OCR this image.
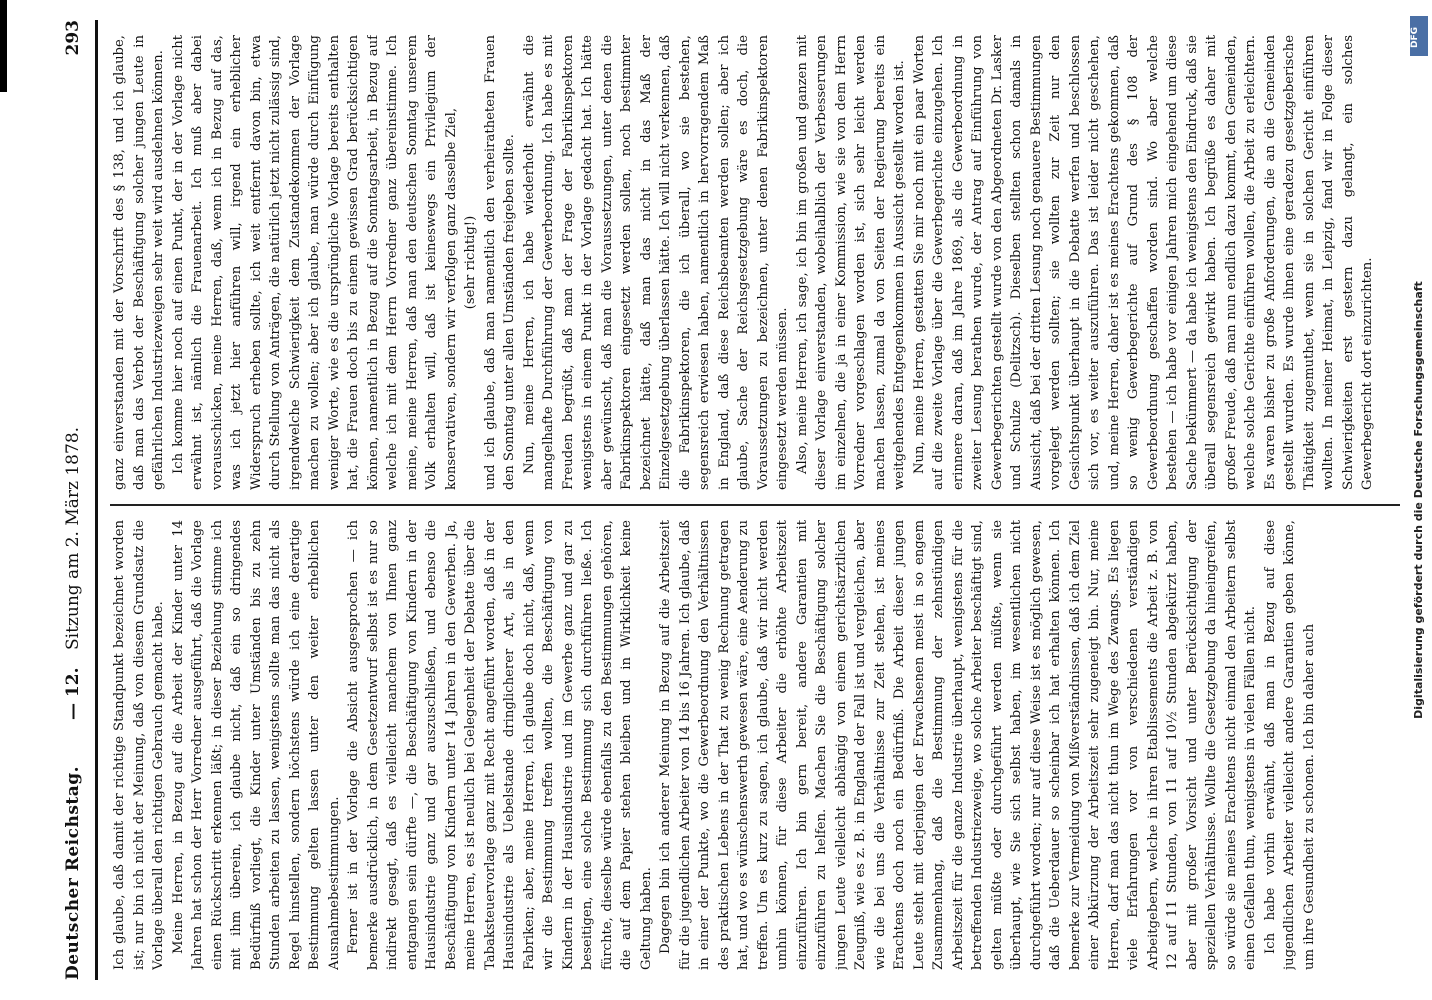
Deutscher Reichstag.
— 12.
Sitzung am 2. März 1878.
293

Ich glaube, daß damit der richtige Standpunkt bezeichnet worden ist; nur bin ich nicht der Meinung, daß von diesem Grundsatz die Vorlage überall den richtigen Gebrauch gemacht habe. Meine Herren, in Bezug auf die Arbeit der Kinder unter 14 Jahren hat schon der Herr Vorredner ausgeführt, daß die Vorlage einen Rückschritt erkennen läßt; in dieser Beziehung stimme ich mit ihm überein, ich glaube nicht, daß ein so dringendes Bedürfniß vorliegt, die Kinder unter Umständen bis zu zehn Stunden arbeiten zu lassen, wenigstens sollte man das nicht als Regel hinstellen, sondern höchstens würde ich eine derartige Bestimmung gelten lassen unter den weiter erheblichen Ausnahmebestimmungen. Ferner ist in der Vorlage die Absicht ausgesprochen — ich bemerke ausdrücklich, in dem Gesetzentwurf selbst ist es nur so indirekt gesagt, daß es vielleicht manchem von Ihnen ganz entgangen sein dürfte —, die Beschäftigung von Kindern in der Hausindustrie ganz und gar auszuschließen, und ebenso die Beschäftigung von Kindern unter 14 Jahren in den Gewerben. Ja, meine Herren, es ist neulich bei Gelegenheit der Debatte über die Tabaksteuervorlage ganz mit Recht angeführt worden, daß in der Hausindustrie als Uebelstande dringlicherer Art, als in den Fabriken; aber, meine Herren, ich glaube doch nicht, daß, wenn wir die Bestimmung treffen wollten, die Beschäftigung von Kindern in der Hausindustrie und im Gewerbe ganz und gar zu beseitigen, eine solche Bestimmung sich durchführen ließe. Ich fürchte, dieselbe würde ebenfalls zu den Bestimmungen gehören, die auf dem Papier stehen bleiben und in Wirklichkeit keine Geltung haben. Dagegen bin ich anderer Meinung in Bezug auf die Arbeitszeit für die jugendlichen Arbeiter von 14 bis 16 Jahren. Ich glaube, daß in einer der Punkte, wo die Gewerbeordnung den Verhältnissen des praktischen Lebens in der That zu wenig Rechnung getragen hat, und wo es wünschenswerth gewesen wäre, eine Aenderung zu treffen. Um es kurz zu sagen, ich glaube, daß wir nicht werden umhin können, für diese Arbeiter die erhöhte Arbeitszeit einzuführen. Ich bin gern bereit, andere Garantien mit einzuführen zu helfen. Machen Sie die Beschäftigung solcher jungen Leute vielleicht abhängig von einem gerichtsärztlichen Zeugniß, wie es z. B. in England der Fall ist und vergleichen, aber wie die bei uns die Verhältnisse zur Zeit stehen, ist meines Erachtens doch noch ein Bedürfniß. Die Arbeit dieser jungen Leute steht mit derjenigen der Erwachsenen meist in so engem Zusammenhang, daß die Bestimmung der zehnstündigen Arbeitszeit für die ganze Industrie überhaupt, wenigstens für die betreffenden Industriezweige, wo solche Arbeiter beschäftigt sind, gelten müßte oder durchgeführt werden müßte, wenn sie überhaupt, wie Sie sich selbst haben, im wesentlichen nicht durchgeführt worden; nur auf diese Weise ist es möglich gewesen, daß die Ueberdauer so scheinbar ich hat erhalten können. Ich bemerke zur Vermeidung von Mißverständnissen, daß ich dem Ziel einer Abkürzung der Arbeitszeit sehr zugeneigt bin. Nur, meine Herren, darf man das nicht thun im Wege des Zwangs. Es liegen viele Erfahrungen vor von verschiedenen verständigen Arbeitgebern, welche in ihren Etablissements die Arbeit z. B. von 12 auf 11 Stunden, von 11 auf 10½ Stunden abgekürzt haben, aber mit großer Vorsicht und unter Berücksichtigung der speziellen Verhältnisse. Wollte die Gesetzgebung da hineingreifen, so würde sie meines Erachtens nicht einmal den Arbeitern selbst einen Gefallen thun, wenigstens in vielen Fällen nicht. Ich habe vorhin erwähnt, daß man in Bezug auf diese jugendlichen Arbeiter vielleicht andere Garantien geben könne, um ihre Gesundheit zu schonen. Ich bin daher auch

ganz einverstanden mit der Vorschrift des § 138, und ich glaube, daß man das Verbot der Beschäftigung solcher jungen Leute in gefährlichen Industriezweigen sehr weit wird ausdehnen können. Ich komme hier noch auf einen Punkt, der in der Vorlage nicht erwähnt ist, nämlich die Frauenarbeit. Ich muß aber dabei vorausschicken, meine Herren, daß, wenn ich in Bezug auf das, was ich jetzt hier anführen will, irgend ein erheblicher Widerspruch erheben sollte, ich weit entfernt davon bin, etwa durch Stellung von Anträgen, die natürlich jetzt nicht zulässig sind, irgendwelche Schwierigkeit dem Zustandekommen der Vorlage machen zu wollen; aber ich glaube, man würde durch Einfügung weniger Worte, wie es die ursprüngliche Vorlage bereits enthalten hat, die Frauen doch bis zu einem gewissen Grad berücksichtigen können, namentlich in Bezug auf die Sonntagsarbeit, in Bezug auf welche ich mit dem Herrn Vorredner ganz übereinstimme. Ich meine, meine Herren, daß man den deutschen Sonntag unserem Volk erhalten will, daß ist keineswegs ein Privilegium der konservativen, sondern wir verfolgen ganz dasselbe Ziel, (sehr richtig!) und ich glaube, daß man namentlich den verheiratheten Frauen den Sonntag unter allen Umständen freigeben sollte. Nun, meine Herren, ich habe wiederholt erwähnt die mangelhafte Durchführung der Gewerbeordnung. Ich habe es mit Freuden begrüßt, daß man der Frage der Fabrikinspektoren wenigstens in einem Punkt in der Vorlage gedacht hat. Ich hätte aber gewünscht, daß man die Voraussetzungen, unter denen die Fabrikinspektoren eingesetzt werden sollen, noch bestimmter bezeichnet hätte, daß man das nicht in das Maß der Einzelgesetzgebung überlassen hätte. Ich will nicht verkennen, daß die Fabrikinspektoren, die ich überall, wo sie bestehen, segensreich erwiesen haben, namentlich in hervorragendem Maß in England, daß diese Reichsbeamten werden sollen; aber ich glaube, Sache der Reichsgesetzgebung wäre es doch, die Voraussetzungen zu bezeichnen, unter denen Fabrikinspektoren eingesetzt werden müssen. Also, meine Herren, ich sage, ich bin im großen und ganzen mit dieser Vorlage einverstanden, wobeihalblich der Verbesserungen im einzelnen, die ja in einer Kommission, wie sie von dem Herrn Vorredner vorgeschlagen worden ist, sich sehr leicht werden machen lassen, zumal da von Seiten der Regierung bereits ein weitgehendes Entgegenkommen in Aussicht gestellt worden ist. Nun, meine Herren, gestatten Sie mir noch mit ein paar Worten auf die zweite Vorlage über die Gewerbegerichte einzugehen. Ich erinnere daran, daß im Jahre 1869, als die Gewerbeordnung in zweiter Lesung berathen wurde, der Antrag auf Einführung von Gewerbegerichten gestellt wurde von den Abgeordneten Dr. Lasker und Schulze (Delitzsch). Dieselben stellten schon damals in Aussicht, daß bei der dritten Lesung noch genauere Bestimmungen vorgelegt werden sollten; sie wollten zur Zeit nur den Gesichtspunkt überhaupt in die Debatte werfen und beschlossen sich vor, es weiter auszuführen. Das ist leider nicht geschehen, und, meine Herren, daher ist es meines Erachtens gekommen, daß so wenig Gewerbegerichte auf Grund des § 108 der Gewerbeordnung geschaffen worden sind. Wo aber welche bestehen — ich habe vor einigen Jahren mich eingehend um diese Sache bekümmert — da habe ich wenigstens den Eindruck, daß sie überall segensreich gewirkt haben. Ich begrüße es daher mit großer Freude, daß man nun endlich dazu kommt, den Gemeinden, welche solche Gerichte einführen wollen, die Arbeit zu erleichtern. Es waren bisher zu große Anforderungen, die an die Gemeinden gestellt wurden. Es wurde ihnen eine geradezu gesetzgeberische Thätigkeit zugemuthet, wenn sie in solchen Gericht einführen wollten. In meiner Heimat, in Leipzig, fand wir in Folge dieser Schwierigkeiten erst gestern dazu gelangt, ein solches Gewerbegericht dort einzurichten.	Digitalisierung gefördert durch die Deutsche Forschungsgemeinschaft
DFG
